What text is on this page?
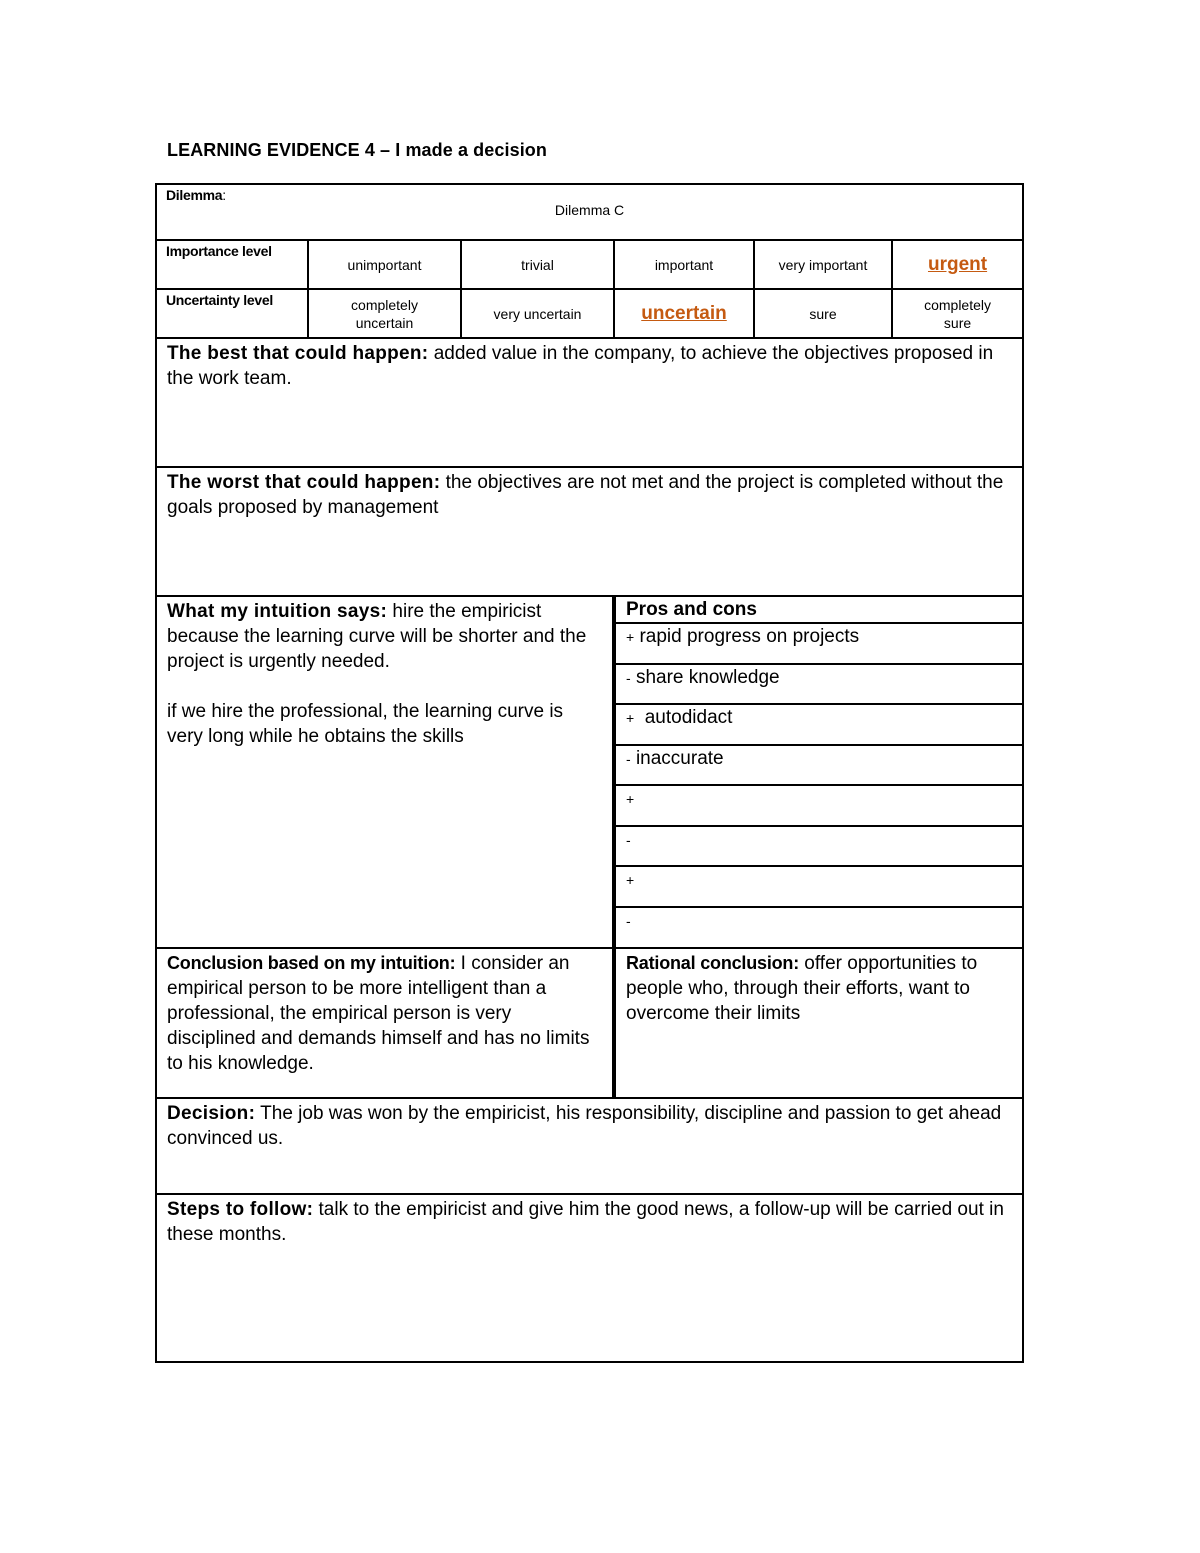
LEARNING EVIDENCE 4 – I made a decision
Dilemma:
Dilemma C

Importance level	unimportant	trivial	important	very important	urgent
Uncertainty level	completely uncertain	very uncertain	uncertain	sure	completely sure
The best that could happen: added value in the company, to achieve the objectives proposed in the work team.
The worst that could happen: the objectives are not met and the project is completed without the goals proposed by management

What my intuition says: hire the empiricist because the learning curve will be shorter and the project is urgently needed.
if we hire the professional, the learning curve is very long while he obtains the skills

Pros and cons
+ rapid progress on projects
- share knowledge
+  autodidact
- inaccurate
+
-
+
-

Conclusion based on my intuition: I consider an empirical person to be more intelligent than a professional, the empirical person is very disciplined and demands himself and has no limits to his knowledge.	Rational conclusion: offer opportunities to people who, through their efforts, want to overcome their limits
Decision: The job was won by the empiricist, his responsibility, discipline and passion to get ahead convinced us.
Steps to follow: talk to the empiricist and give him the good news, a follow-up will be carried out in these months.
